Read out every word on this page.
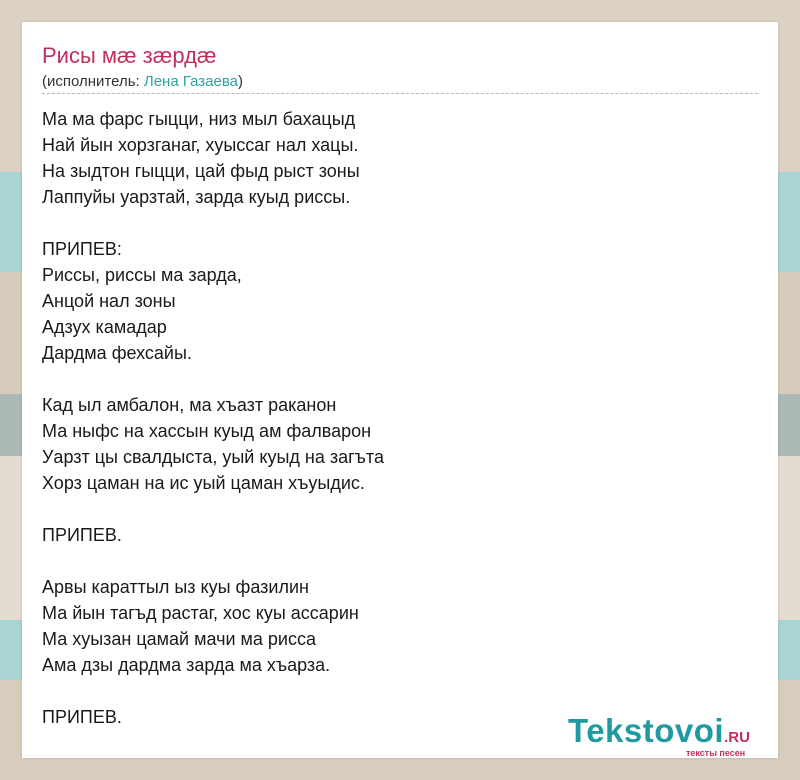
Рисы мæ зæрдæ
(исполнитель: Лена Газаева)
Ма ма фарс гыцци, низ мыл бахацыд
Най йын хорзганаг, хуыссаг нал хацы.
На зыдтон гыцци, цай фыд рыст зоны
Лаппуйы уарзтай, зарда куыд риссы.
ПРИПЕВ:
Риссы, риссы ма зарда,
Анцой нал зоны
Адзух камадар
Дардма фехсайы.
Кад ыл амбалон, ма хъазт раканон
Ма ныфс на хассын куыд ам фалварон
Уарзт цы свалдыста, уый куыд на загъта
Хорз цаман на ис уый цаман хъуыдис.
ПРИПЕВ.
Арвы караттыл ыз куы фазилин
Ма йын тагъд растаг, хос куы ассарин
Ма хуызан цамай мачи ма рисса
Ама дзы дардма зарда ма хъарза.
ПРИПЕВ.	Tekstovoi.RU
тексты песен
